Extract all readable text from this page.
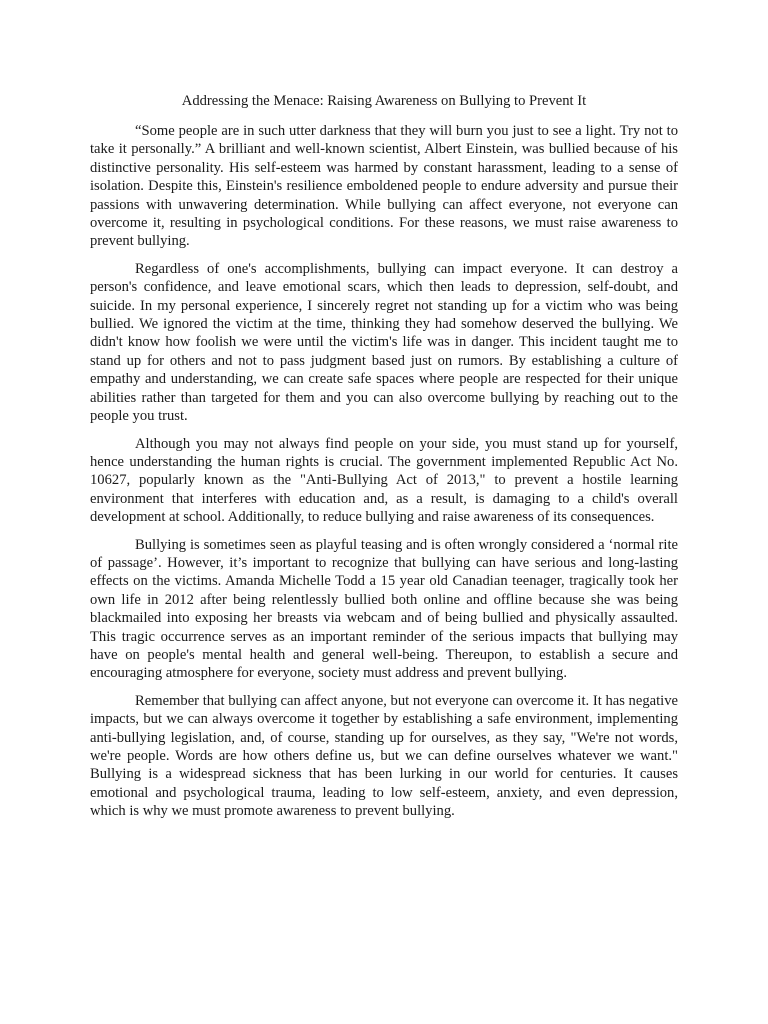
Addressing the Menace: Raising Awareness on Bullying to Prevent It

“Some people are in such utter darkness that they will burn you just to see a light. Try not to take it personally.” A brilliant and well-known scientist, Albert Einstein, was bullied because of his distinctive personality. His self-esteem was harmed by constant harassment, leading to a sense of isolation. Despite this, Einstein's resilience emboldened people to endure adversity and pursue their passions with unwavering determination. While bullying can affect everyone, not everyone can overcome it, resulting in psychological conditions. For these reasons, we must raise awareness to prevent bullying.

Regardless of one's accomplishments, bullying can impact everyone. It can destroy a person's confidence, and leave emotional scars, which then leads to depression, self-doubt, and suicide. In my personal experience, I sincerely regret not standing up for a victim who was being bullied. We ignored the victim at the time, thinking they had somehow deserved the bullying. We didn't know how foolish we were until the victim's life was in danger. This incident taught me to stand up for others and not to pass judgment based just on rumors. By establishing a culture of empathy and understanding, we can create safe spaces where people are respected for their unique abilities rather than targeted for them and you can also overcome bullying by reaching out to the people you trust.

Although you may not always find people on your side, you must stand up for yourself, hence understanding the human rights is crucial. The government implemented Republic Act No. 10627, popularly known as the "Anti-Bullying Act of 2013," to prevent a hostile learning environment that interferes with education and, as a result, is damaging to a child's overall development at school. Additionally, to reduce bullying and raise awareness of its consequences.

Bullying is sometimes seen as playful teasing and is often wrongly considered a ‘normal rite of passage’. However, it’s important to recognize that bullying can have serious and long-lasting effects on the victims. Amanda Michelle Todd a 15 year old Canadian teenager, tragically took her own life in 2012 after being relentlessly bullied both online and offline because she was being blackmailed into exposing her breasts via webcam and of being bullied and physically assaulted. This tragic occurrence serves as an important reminder of the serious impacts that bullying may have on people's mental health and general well-being. Thereupon, to establish a secure and encouraging atmosphere for everyone, society must address and prevent bullying.

Remember that bullying can affect anyone, but not everyone can overcome it. It has negative impacts, but we can always overcome it together by establishing a safe environment, implementing anti-bullying legislation, and, of course, standing up for ourselves, as they say, "We're not words, we're people. Words are how others define us, but we can define ourselves whatever we want." Bullying is a widespread sickness that has been lurking in our world for centuries. It causes emotional and psychological trauma, leading to low self-esteem, anxiety, and even depression, which is why we must promote awareness to prevent bullying.
